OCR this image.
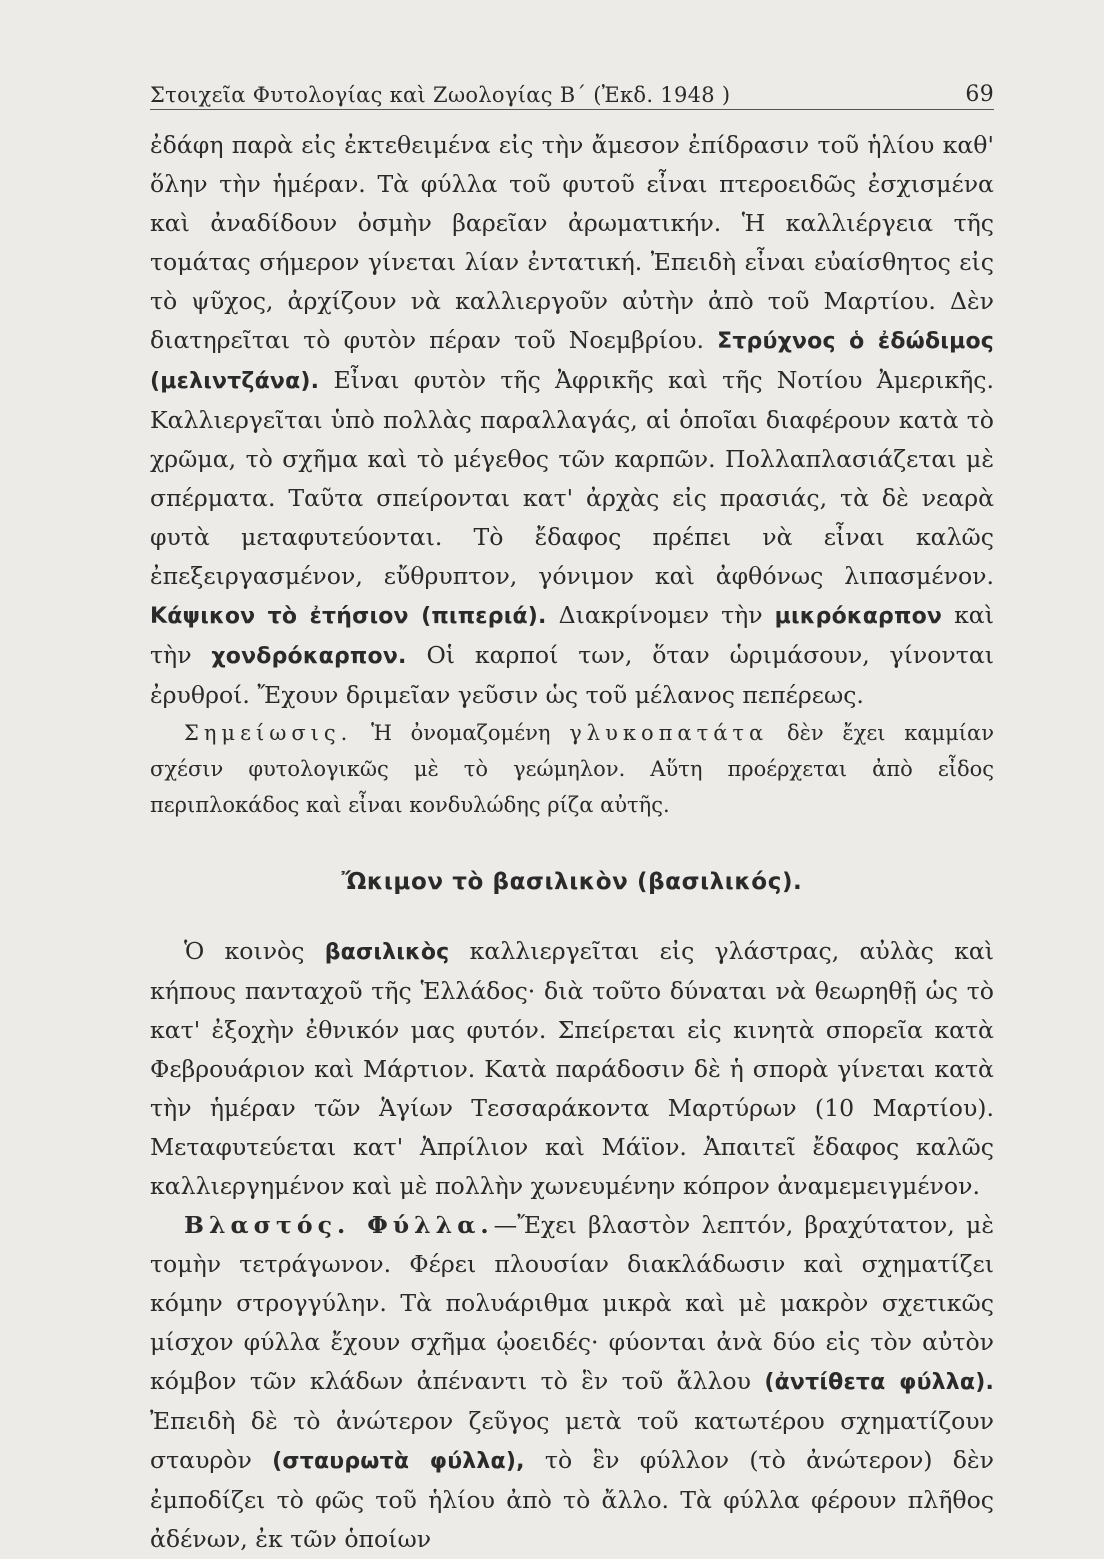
Στοιχεῖα Φυτολογίας καὶ Ζωολογίας Β΄ (Ἐκδ. 1948 )	69

ἐδάφη παρὰ εἰς ἐκτεθειμένα εἰς τὴν ἄμεσον ἐπίδρασιν τοῦ ἡλίου καθ' ὅλην τὴν ἡμέραν. Τὰ φύλλα τοῦ φυτοῦ εἶναι πτεροειδῶς ἐσχισμένα καὶ ἀναδίδουν ὀσμὴν βαρεῖαν ἀρωματικήν. Ἡ καλλιέργεια τῆς τομάτας σήμερον γίνεται λίαν ἐντατική. Ἐπειδὴ εἶναι εὐαίσθητος εἰς τὸ ψῦχος, ἀρχίζουν νὰ καλλιεργοῦν αὐτὴν ἀπὸ τοῦ Μαρτίου. Δὲν διατηρεῖται τὸ φυτὸν πέραν τοῦ Νοεμβρίου. Στρύχνος ὁ ἐδώδιμος (μελιντζάνα). Εἶναι φυτὸν τῆς Ἀφρικῆς καὶ τῆς Νοτίου Ἀμερικῆς. Καλλιεργεῖται ὑπὸ πολλὰς παραλλαγάς, αἱ ὁποῖαι διαφέρουν κατὰ τὸ χρῶμα, τὸ σχῆμα καὶ τὸ μέγεθος τῶν καρπῶν. Πολλαπλασιάζεται μὲ σπέρματα. Ταῦτα σπείρονται κατ' ἀρχὰς εἰς πρασιάς, τὰ δὲ νεαρὰ φυτὰ μεταφυτεύονται. Τὸ ἔδαφος πρέπει νὰ εἶναι καλῶς ἐπεξειργασμένον, εὔθρυπτον, γόνιμον καὶ ἀφθόνως λιπασμένον. Κάψικον τὸ ἐτήσιον (πιπεριά). Διακρίνομεν τὴν μικρόκαρπον καὶ τὴν χονδρόκαρπον. Οἱ καρποί των, ὅταν ὡριμάσουν, γίνονται ἐρυθροί. Ἔχουν δριμεῖαν γεῦσιν ὡς τοῦ μέλανος πεπέρεως.

Σημείωσις. Ἡ ὀνομαζομένη γλυκοπατάτα δὲν ἔχει καμμίαν σχέσιν φυτολογικῶς μὲ τὸ γεώμηλον. Αὕτη προέρχεται ἀπὸ εἶδος περιπλοκάδος καὶ εἶναι κονδυλώδης ρίζα αὐτῆς.

Ὤκιμον τὸ βασιλικὸν (βασιλικός).

Ὁ κοινὸς βασιλικὸς καλλιεργεῖται εἰς γλάστρας, αὐλὰς καὶ κήπους πανταχοῦ τῆς Ἑλλάδος· διὰ τοῦτο δύναται νὰ θεωρηθῇ ὡς τὸ κατ' ἐξοχὴν ἐθνικόν μας φυτόν. Σπείρεται εἰς κινητὰ σπορεῖα κατὰ Φεβρουάριον καὶ Μάρτιον. Κατὰ παράδοσιν δὲ ἡ σπορὰ γίνεται κατὰ τὴν ἡμέραν τῶν Ἁγίων Τεσσαράκοντα Μαρτύρων (10 Μαρτίου). Μεταφυτεύεται κατ' Ἀπρίλιον καὶ Μάϊον. Ἀπαιτεῖ ἔδαφος καλῶς καλλιεργημένον καὶ μὲ πολλὴν χωνευμένην κόπρον ἀναμεμειγμένον.

Βλαστός. Φύλλα.—Ἔχει βλαστὸν λεπτόν, βραχύτατον, μὲ τομὴν τετράγωνον. Φέρει πλουσίαν διακλάδωσιν καὶ σχηματίζει κόμην στρογγύλην. Τὰ πολυάριθμα μικρὰ καὶ μὲ μακρὸν σχετικῶς μίσχον φύλλα ἔχουν σχῆμα ᾠοειδές· φύονται ἀνὰ δύο εἰς τὸν αὐτὸν κόμβον τῶν κλάδων ἀπέναντι τὸ ἓν τοῦ ἄλλου (ἀντίθετα φύλλα). Ἐπειδὴ δὲ τὸ ἀνώτερον ζεῦγος μετὰ τοῦ κατωτέρου σχηματίζουν σταυρὸν (σταυρωτὰ φύλλα), τὸ ἓν φύλλον (τὸ ἀνώτερον) δὲν ἐμποδίζει τὸ φῶς τοῦ ἡλίου ἀπὸ τὸ ἄλλο. Τὰ φύλλα φέρουν πλῆθος ἀδένων, ἐκ τῶν ὁποίων
